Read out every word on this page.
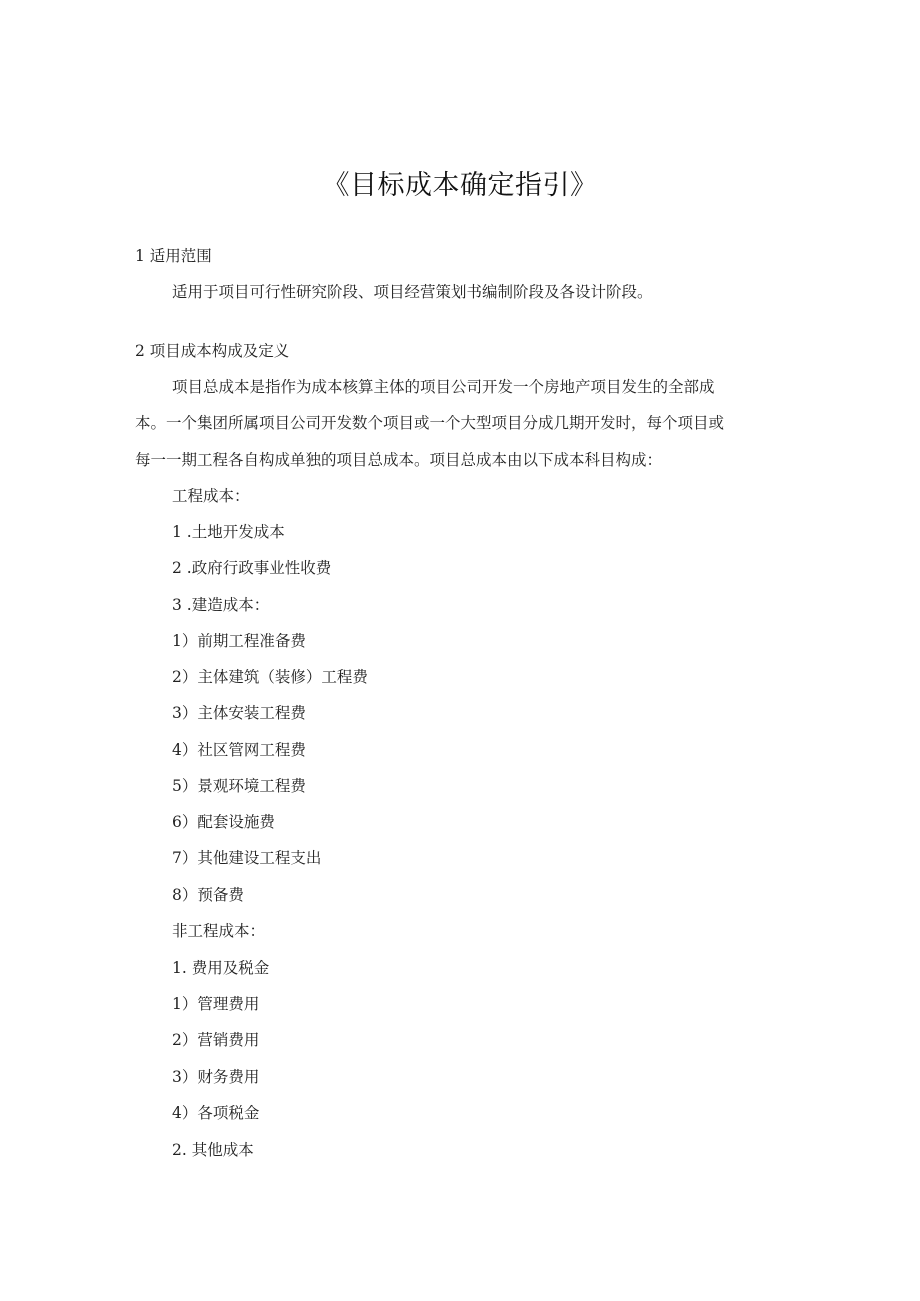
《目标成本确定指引》
1 适用范围
适用于项目可行性研究阶段、项目经营策划书编制阶段及各设计阶段。
2 项目成本构成及定义
项目总成本是指作为成本核算主体的项目公司开发一个房地产项目发生的全部成
本。一个集团所属项目公司开发数个项目或一个大型项目分成几期开发时，每个项目或
每一一期工程各自构成单独的项目总成本。项目总成本由以下成本科目构成：
工程成本：
1 .土地开发成本
2 .政府行政事业性收费
3 .建造成本：
1）前期工程准备费
2）主体建筑（装修）工程费
3）主体安装工程费
4）社区管网工程费
5）景观环境工程费
6）配套设施费
7）其他建设工程支出
8）预备费
非工程成本：
1. 费用及税金
1）管理费用
2）营销费用
3）财务费用
4）各项税金
2. 其他成本
